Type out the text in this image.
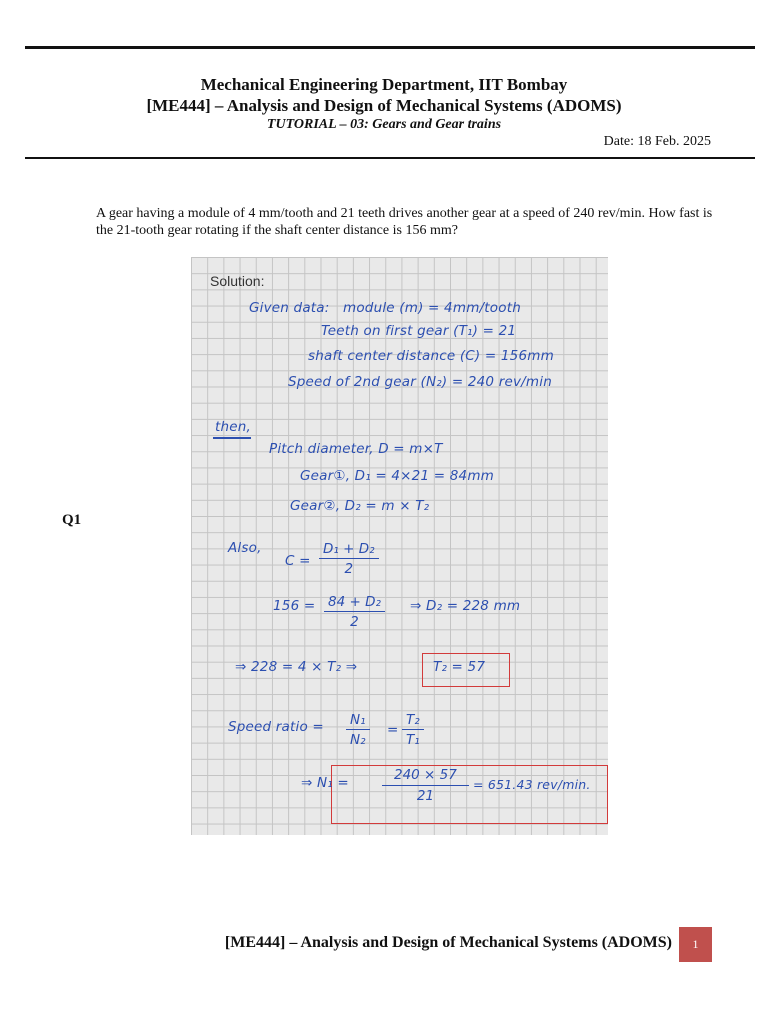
Mechanical Engineering Department, IIT Bombay
[ME444] – Analysis and Design of Mechanical Systems (ADOMS)
TUTORIAL – 03: Gears and Gear trains
Date: 18 Feb. 2025
A gear having a module of 4 mm/tooth and 21 teeth drives another gear at a speed of 240 rev/min. How fast is the 21-tooth gear rotating if the shaft center distance is 156 mm?
Q1
Solution:
Given data: module (m) = 4mm/tooth
Teeth on first gear (T₁) = 21
shaft center distance (C) = 156mm
Speed of 2nd gear (N₂) = 240 rev/min
then,
Pitch diameter, D = m×T
Gear①, D₁ = 4×21 = 84mm
Gear②, D₂ = m × T₂
Also,
$C = \frac{\text{D₁ + D₂}}{2}$
$156 = \frac{\text{84 + D₂}}{2}$ ⇒ D₂ = 228 mm
⇒ 228 = 4 × T₂ ⇒	T₂ = 57
Speed ratio = $\frac{\text{N₁}}{\text{N₂}} = \frac{\text{T₂}}{\text{T₁}}$
⇒ $N_1 = \frac{240 \times 57}{21} = 651.43$ rev/min.
[ME444] – Analysis and Design of Mechanical Systems (ADOMS)	1
